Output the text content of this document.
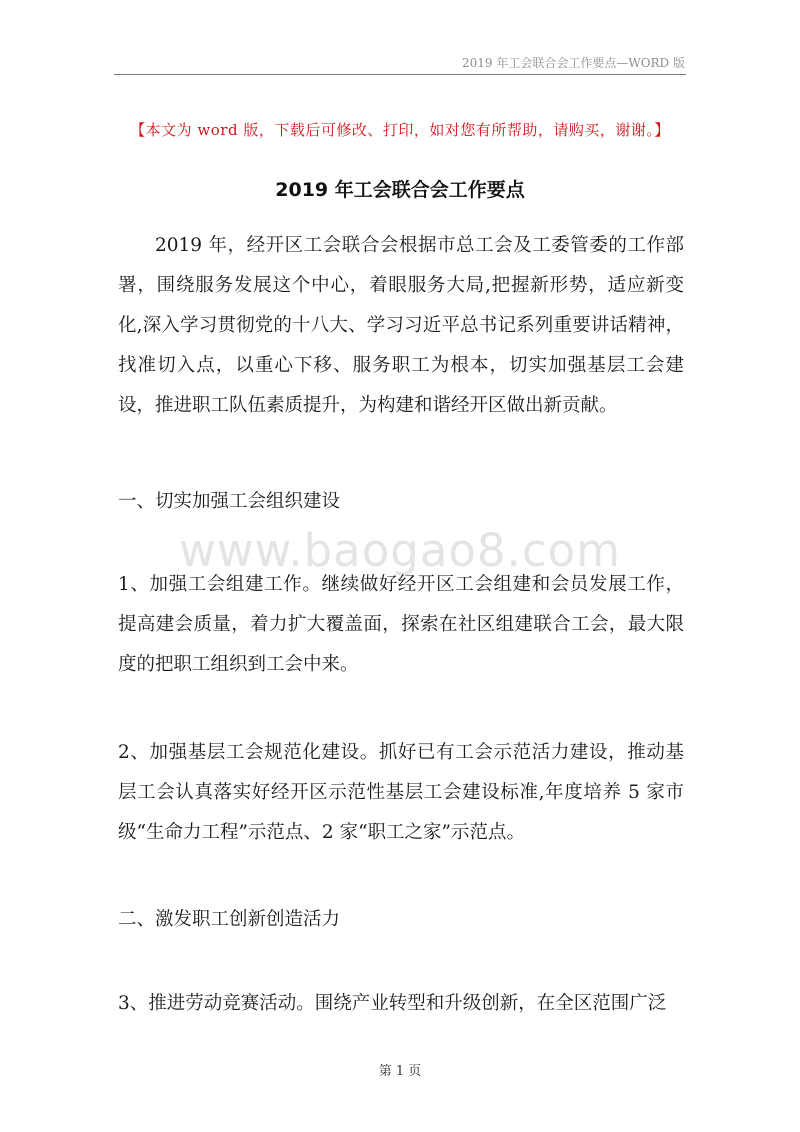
2019 年工会联合会工作要点—WORD 版
【本文为 word 版，下载后可修改、打印，如对您有所帮助，请购买，谢谢。】
2019 年工会联合会工作要点

2019 年，经开区工会联合会根据市总工会及工委管委的工作部署，围绕服务发展这个中心，着眼服务大局,把握新形势，适应新变化,深入学习贯彻党的十八大、学习习近平总书记系列重要讲话精神，找准切入点，以重心下移、服务职工为根本，切实加强基层工会建设，推进职工队伍素质提升，为构建和谐经开区做出新贡献。

一、切实加强工会组织建设

www.baogao8.com

1、加强工会组建工作。继续做好经开区工会组建和会员发展工作，提高建会质量，着力扩大覆盖面，探索在社区组建联合工会，最大限度的把职工组织到工会中来。

2、加强基层工会规范化建设。抓好已有工会示范活力建设，推动基层工会认真落实好经开区示范性基层工会建设标准,年度培养 5 家市级“生命力工程”示范点、2 家“职工之家”示范点。

二、激发职工创新创造活力

3、推进劳动竞赛活动。围绕产业转型和升级创新，在全区范围广泛

第 1 页
